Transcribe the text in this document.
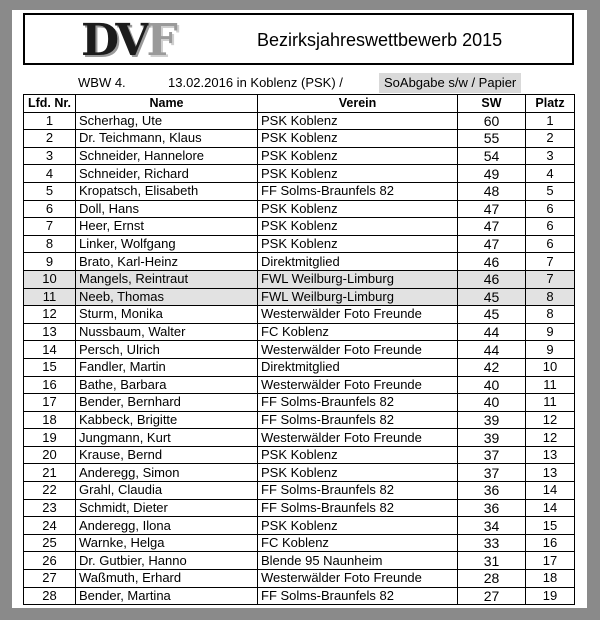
DVF	Bezirksjahreswettbewerb 2015
WBW 4.	13.02.2016 in Koblenz (PSK) /	SoAbgabe s/w / Papier
Lfd. Nr.	Name	Verein	SW	Platz
1	Scherhag, Ute	PSK Koblenz	60	1
2	Dr. Teichmann, Klaus	PSK Koblenz	55	2
3	Schneider, Hannelore	PSK Koblenz	54	3
4	Schneider, Richard	PSK Koblenz	49	4
5	Kropatsch, Elisabeth	FF Solms-Braunfels 82	48	5
6	Doll, Hans	PSK Koblenz	47	6
7	Heer, Ernst	PSK Koblenz	47	6
8	Linker, Wolfgang	PSK Koblenz	47	6
9	Brato, Karl-Heinz	Direktmitglied	46	7
10	Mangels, Reintraut	FWL Weilburg-Limburg	46	7
11	Neeb, Thomas	FWL Weilburg-Limburg	45	8
12	Sturm, Monika	Westerwälder Foto Freunde	45	8
13	Nussbaum, Walter	FC Koblenz	44	9
14	Persch, Ulrich	Westerwälder Foto Freunde	44	9
15	Fandler, Martin	Direktmitglied	42	10
16	Bathe, Barbara	Westerwälder Foto Freunde	40	11
17	Bender, Bernhard	FF Solms-Braunfels 82	40	11
18	Kabbeck, Brigitte	FF Solms-Braunfels 82	39	12
19	Jungmann, Kurt	Westerwälder Foto Freunde	39	12
20	Krause, Bernd	PSK Koblenz	37	13
21	Anderegg, Simon	PSK Koblenz	37	13
22	Grahl, Claudia	FF Solms-Braunfels 82	36	14
23	Schmidt, Dieter	FF Solms-Braunfels 82	36	14
24	Anderegg, Ilona	PSK Koblenz	34	15
25	Warnke, Helga	FC Koblenz	33	16
26	Dr. Gutbier, Hanno	Blende 95 Naunheim	31	17
27	Waßmuth, Erhard	Westerwälder Foto Freunde	28	18
28	Bender, Martina	FF Solms-Braunfels 82	27	19
